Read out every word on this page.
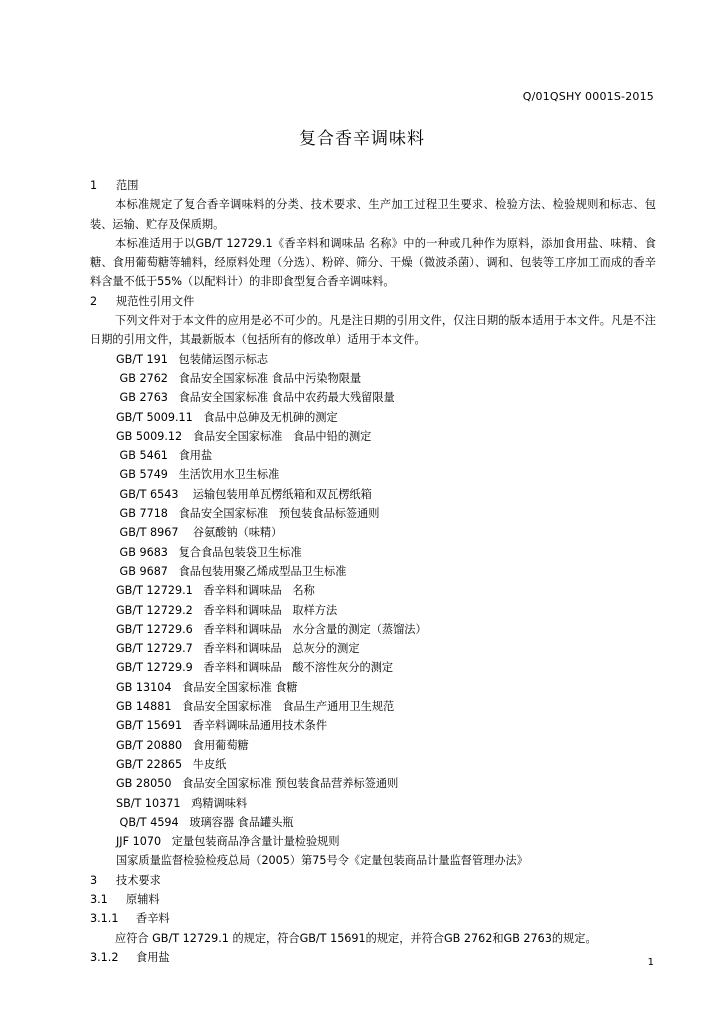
Q/01QSHY 0001S-2015
复合香辛调味料
1 范围
本标准规定了复合香辛调味料的分类、技术要求、生产加工过程卫生要求、检验方法、检验规则和标志、包装、运输、贮存及保质期。
本标准适用于以GB/T 12729.1《香辛料和调味品 名称》中的一种或几种作为原料，添加食用盐、味精、食糖、食用葡萄糖等辅料，经原料处理（分选）、粉碎、筛分、干燥（微波杀菌）、调和、包装等工序加工而成的香辛料含量不低于55%（以配料计）的非即食型复合香辛调味料。
2 规范性引用文件
下列文件对于本文件的应用是必不可少的。凡是注日期的引用文件，仅注日期的版本适用于本文件。凡是不注日期的引用文件，其最新版本（包括所有的修改单）适用于本文件。
GB/T 191   包装储运图示标志
GB 2762   食品安全国家标准 食品中污染物限量
GB 2763   食品安全国家标准 食品中农药最大残留限量
GB/T 5009.11   食品中总砷及无机砷的测定
GB 5009.12   食品安全国家标准   食品中铅的测定
GB 5461   食用盐
GB 5749   生活饮用水卫生标准
GB/T 6543    运输包装用单瓦楞纸箱和双瓦楞纸箱
GB 7718   食品安全国家标准   预包装食品标签通则
GB/T 8967    谷氨酸钠（味精）
GB 9683   复合食品包装袋卫生标准
GB 9687   食品包装用聚乙烯成型品卫生标准
GB/T 12729.1   香辛料和调味品   名称
GB/T 12729.2   香辛料和调味品   取样方法
GB/T 12729.6   香辛料和调味品   水分含量的测定（蒸馏法）
GB/T 12729.7   香辛料和调味品   总灰分的测定
GB/T 12729.9   香辛料和调味品   酸不溶性灰分的测定
GB 13104   食品安全国家标准 食糖
GB 14881   食品安全国家标准   食品生产通用卫生规范
GB/T 15691   香辛料调味品通用技术条件
GB/T 20880   食用葡萄糖
GB/T 22865   牛皮纸
GB 28050   食品安全国家标准 预包装食品营养标签通则
SB/T 10371   鸡精调味料
QB/T 4594   玻璃容器 食品罐头瓶
JJF 1070   定量包装商品净含量计量检验规则
国家质量监督检验检疫总局（2005）第75号令《定量包装商品计量监督管理办法》
3 技术要求
3.1 原辅料
3.1.1 香辛料
应符合 GB/T 12729.1 的规定，符合GB/T 15691的规定，并符合GB 2762和GB 2763的规定。
3.1.2 食用盐	1
